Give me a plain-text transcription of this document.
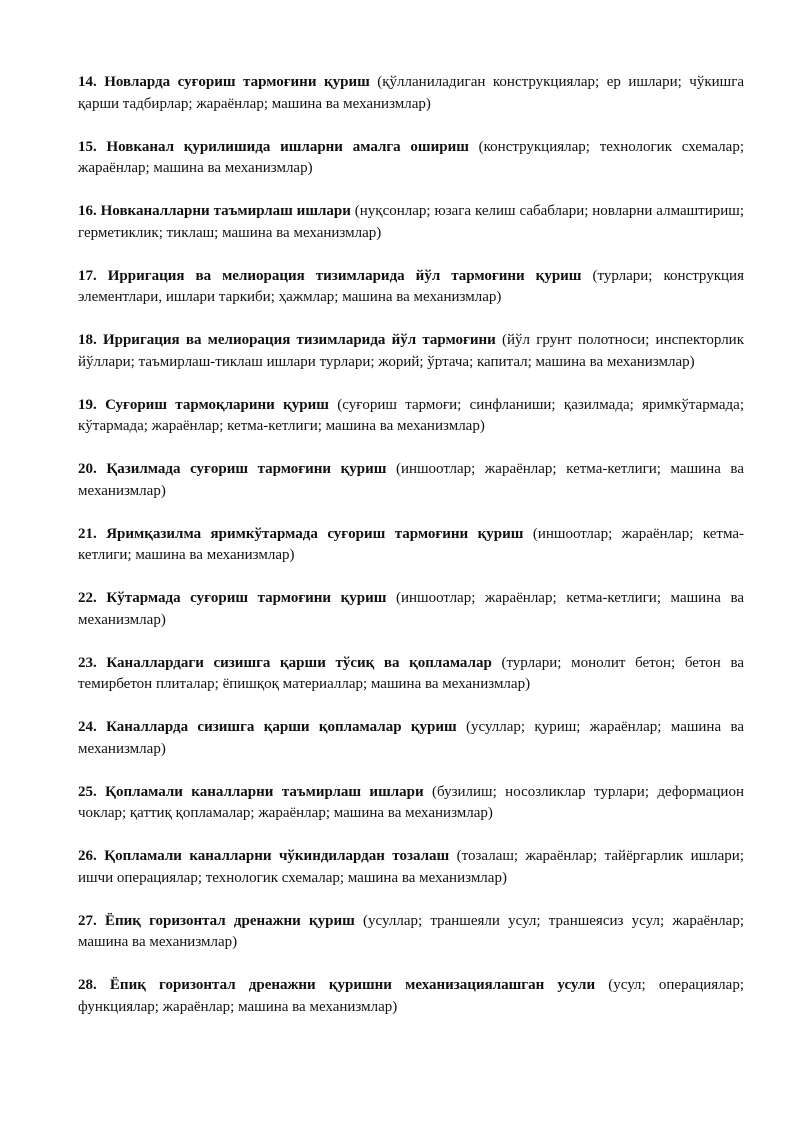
14. Новларда суғориш тармоғини қуриш (қўлланиладиган конструкциялар; ер ишлари; чўкишга қарши тадбирлар; жараёнлар; машина ва механизмлар)

15. Новканал қурилишида ишларни амалга ошириш (конструкциялар; технологик схемалар; жараёнлар; машина ва механизмлар)

16. Новканалларни таъмирлаш ишлари (нуқсонлар; юзага келиш сабаблари; новларни алмаштириш; герметиклик; тиклаш; машина ва механизмлар)

17. Ирригация ва мелиорация тизимларида йўл тармоғини қуриш (турлари; конструкция элементлари, ишлари таркиби; ҳажмлар; машина ва механизмлар)

18. Ирригация ва мелиорация тизимларида йўл тармоғини (йўл грунт полотноси; инспекторлик йўллари; таъмирлаш-тиклаш ишлари турлари; жорий; ўртача; капитал; машина ва механизмлар)

19. Суғориш тармоқларини қуриш (суғориш тармоғи; синфланиши; қазилмада; яримкўтармада; кўтармада; жараёнлар; кетма-кетлиги; машина ва механизмлар)

20. Қазилмада суғориш тармоғини қуриш (иншоотлар; жараёнлар; кетма-кетлиги; машина ва механизмлар)

21. Яримқазилма яримкўтармада суғориш тармоғини қуриш (иншоотлар; жараёнлар; кетма-кетлиги; машина ва механизмлар)

22. Кўтармада суғориш тармоғини қуриш (иншоотлар; жараёнлар; кетма-кетлиги; машина ва механизмлар)

23. Каналлардаги сизишга қарши тўсиқ ва қопламалар (турлари; монолит бетон; бетон ва темирбетон плиталар; ёпишқоқ материаллар; машина ва механизмлар)

24. Каналларда сизишга қарши қопламалар қуриш (усуллар; қуриш; жараёнлар; машина ва механизмлар)

25. Қопламали каналларни таъмирлаш ишлари (бузилиш; носозликлар турлари; деформацион чоклар; қаттиқ қопламалар; жараёнлар; машина ва механизмлар)

26. Қопламали каналларни чўкиндилардан тозалаш (тозалаш; жараёнлар; тайёргарлик ишлари; ишчи операциялар; технологик схемалар; машина ва механизмлар)

27. Ёпиқ горизонтал дренажни қуриш (усуллар; траншеяли усул; траншеясиз усул; жараёнлар; машина ва механизмлар)

28. Ёпиқ горизонтал дренажни қуришни механизациялашган усули (усул; операциялар; функциялар; жараёнлар; машина ва механизмлар)
